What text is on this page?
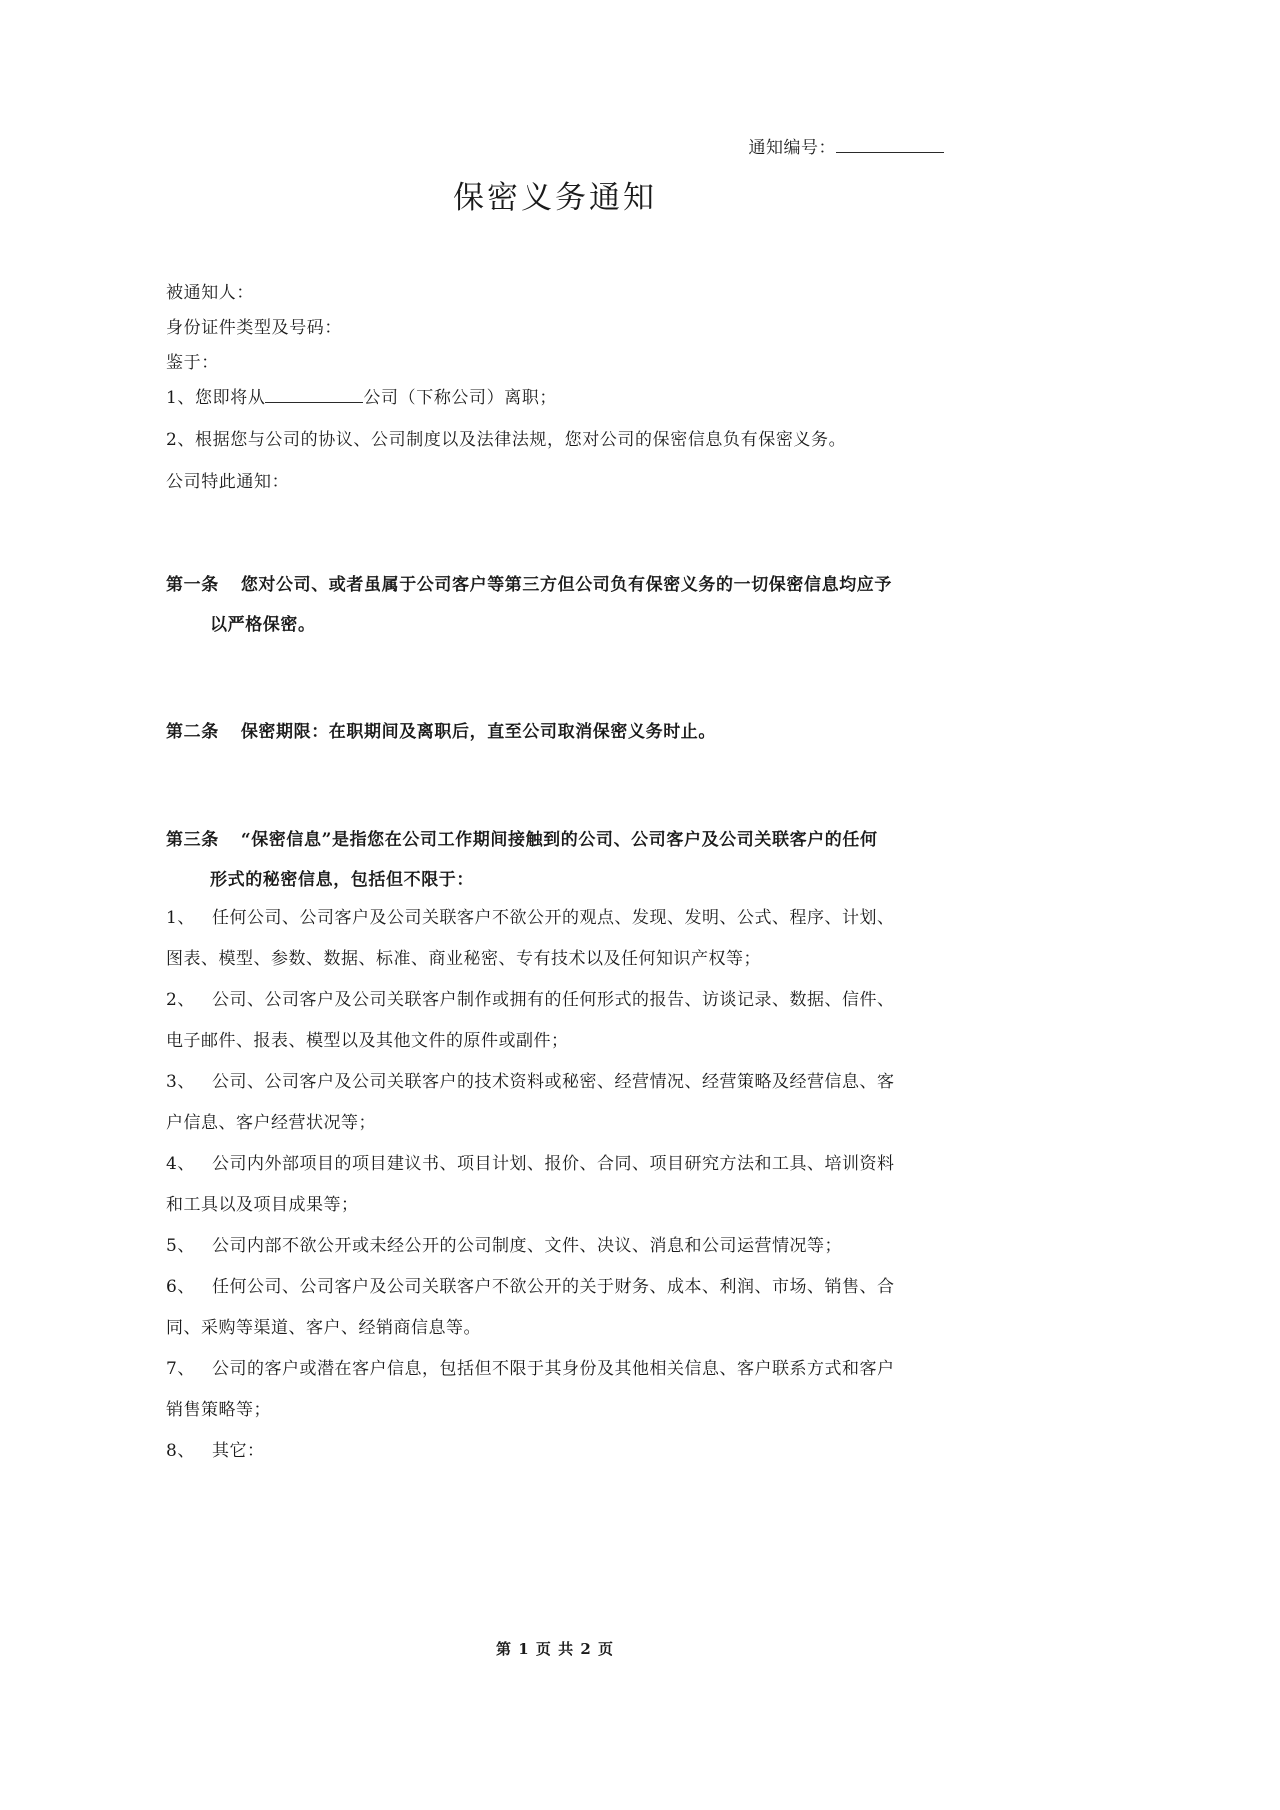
通知编号：
保密义务通知
被通知人：
身份证件类型及号码：
鉴于：
1、您即将从	公司（下称公司）离职；
2、根据您与公司的协议、公司制度以及法律法规，您对公司的保密信息负有保密义务。
公司特此通知：
第一条 您对公司、或者虽属于公司客户等第三方但公司负有保密义务的一切保密信息均应予
以严格保密。
第二条 保密期限：在职期间及离职后，直至公司取消保密义务时止。
第三条 “保密信息”是指您在公司工作期间接触到的公司、公司客户及公司关联客户的任何
形式的秘密信息，包括但不限于：
1、 任何公司、公司客户及公司关联客户不欲公开的观点、发现、发明、公式、程序、计划、
图表、模型、参数、数据、标准、商业秘密、专有技术以及任何知识产权等；
2、 公司、公司客户及公司关联客户制作或拥有的任何形式的报告、访谈记录、数据、信件、
电子邮件、报表、模型以及其他文件的原件或副件；
3、 公司、公司客户及公司关联客户的技术资料或秘密、经营情况、经营策略及经营信息、客
户信息、客户经营状况等；
4、 公司内外部项目的项目建议书、项目计划、报价、合同、项目研究方法和工具、培训资料
和工具以及项目成果等；
5、 公司内部不欲公开或未经公开的公司制度、文件、决议、消息和公司运营情况等；
6、 任何公司、公司客户及公司关联客户不欲公开的关于财务、成本、利润、市场、销售、合
同、采购等渠道、客户、经销商信息等。
7、 公司的客户或潜在客户信息，包括但不限于其身份及其他相关信息、客户联系方式和客户
销售策略等；
8、 其它：
第 1 页 共 2 页
